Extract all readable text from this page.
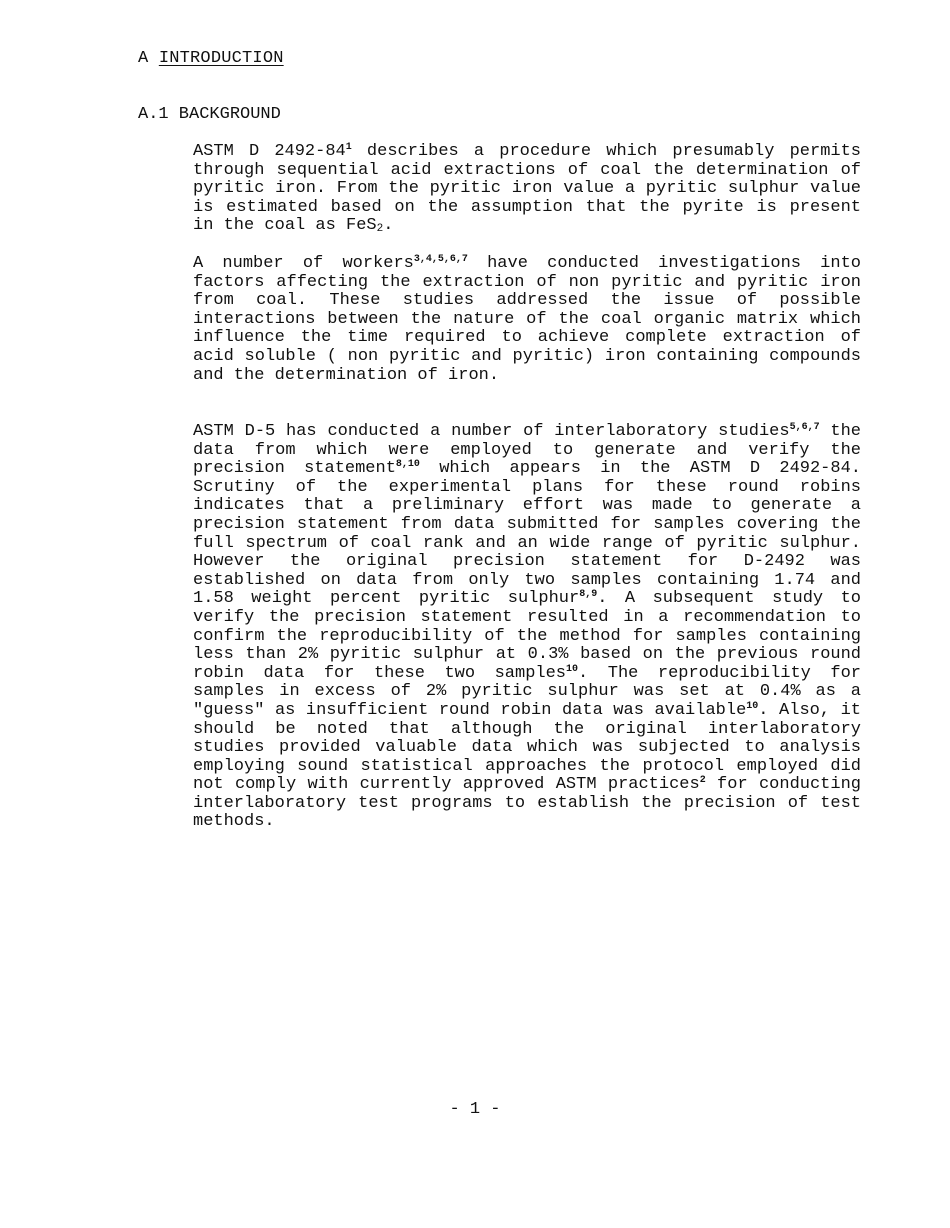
A INTRODUCTION
A.1 BACKGROUND

ASTM D $2492-84^1$ describes a procedure which presumably permits through sequential acid extractions of coal the determination of pyritic iron. From the pyritic iron value a pyritic sulphur value is estimated based on the assumption that the pyrite is present in the coal as FeS$_2$.

A number of workers$^{3,4,5,6,7}$ have conducted investigations into factors affecting the extraction of non pyritic and pyritic iron from coal. These studies addressed the issue of possible interactions between the nature of the coal organic matrix which influence the time required to achieve complete extraction of acid soluble ( non pyritic and pyritic) iron containing compounds and the determination of iron.

ASTM D-5 has conducted a number of interlaboratory studies$^{5,6,7}$ the data from which were employed to generate and verify the precision statement$^{8,10}$ which appears in the ASTM D 2492-84. Scrutiny of the experimental plans for these round robins indicates that a preliminary effort was made to generate a precision statement from data submitted for samples covering the full spectrum of coal rank and an wide range of pyritic sulphur. However the original precision statement for D-2492 was established on data from only two samples containing 1.74 and 1.58 weight percent pyritic sulphur$^{8,9}$. A subsequent study to verify the precision statement resulted in a recommendation to confirm the reproducibility of the method for samples containing less than 2% pyritic sulphur at 0.3% based on the previous round robin data for these two samples$^{10}$. The reproducibility for samples in excess of 2% pyritic sulphur was set at 0.4% as a "guess" as insufficient round robin data was available$^{10}$. Also, it should be noted that although the original interlaboratory studies provided valuable data which was subjected to analysis employing sound statistical approaches the protocol employed did not comply with currently approved ASTM practices$^2$ for conducting interlaboratory test programs to establish the precision of test methods.

- 1 -
